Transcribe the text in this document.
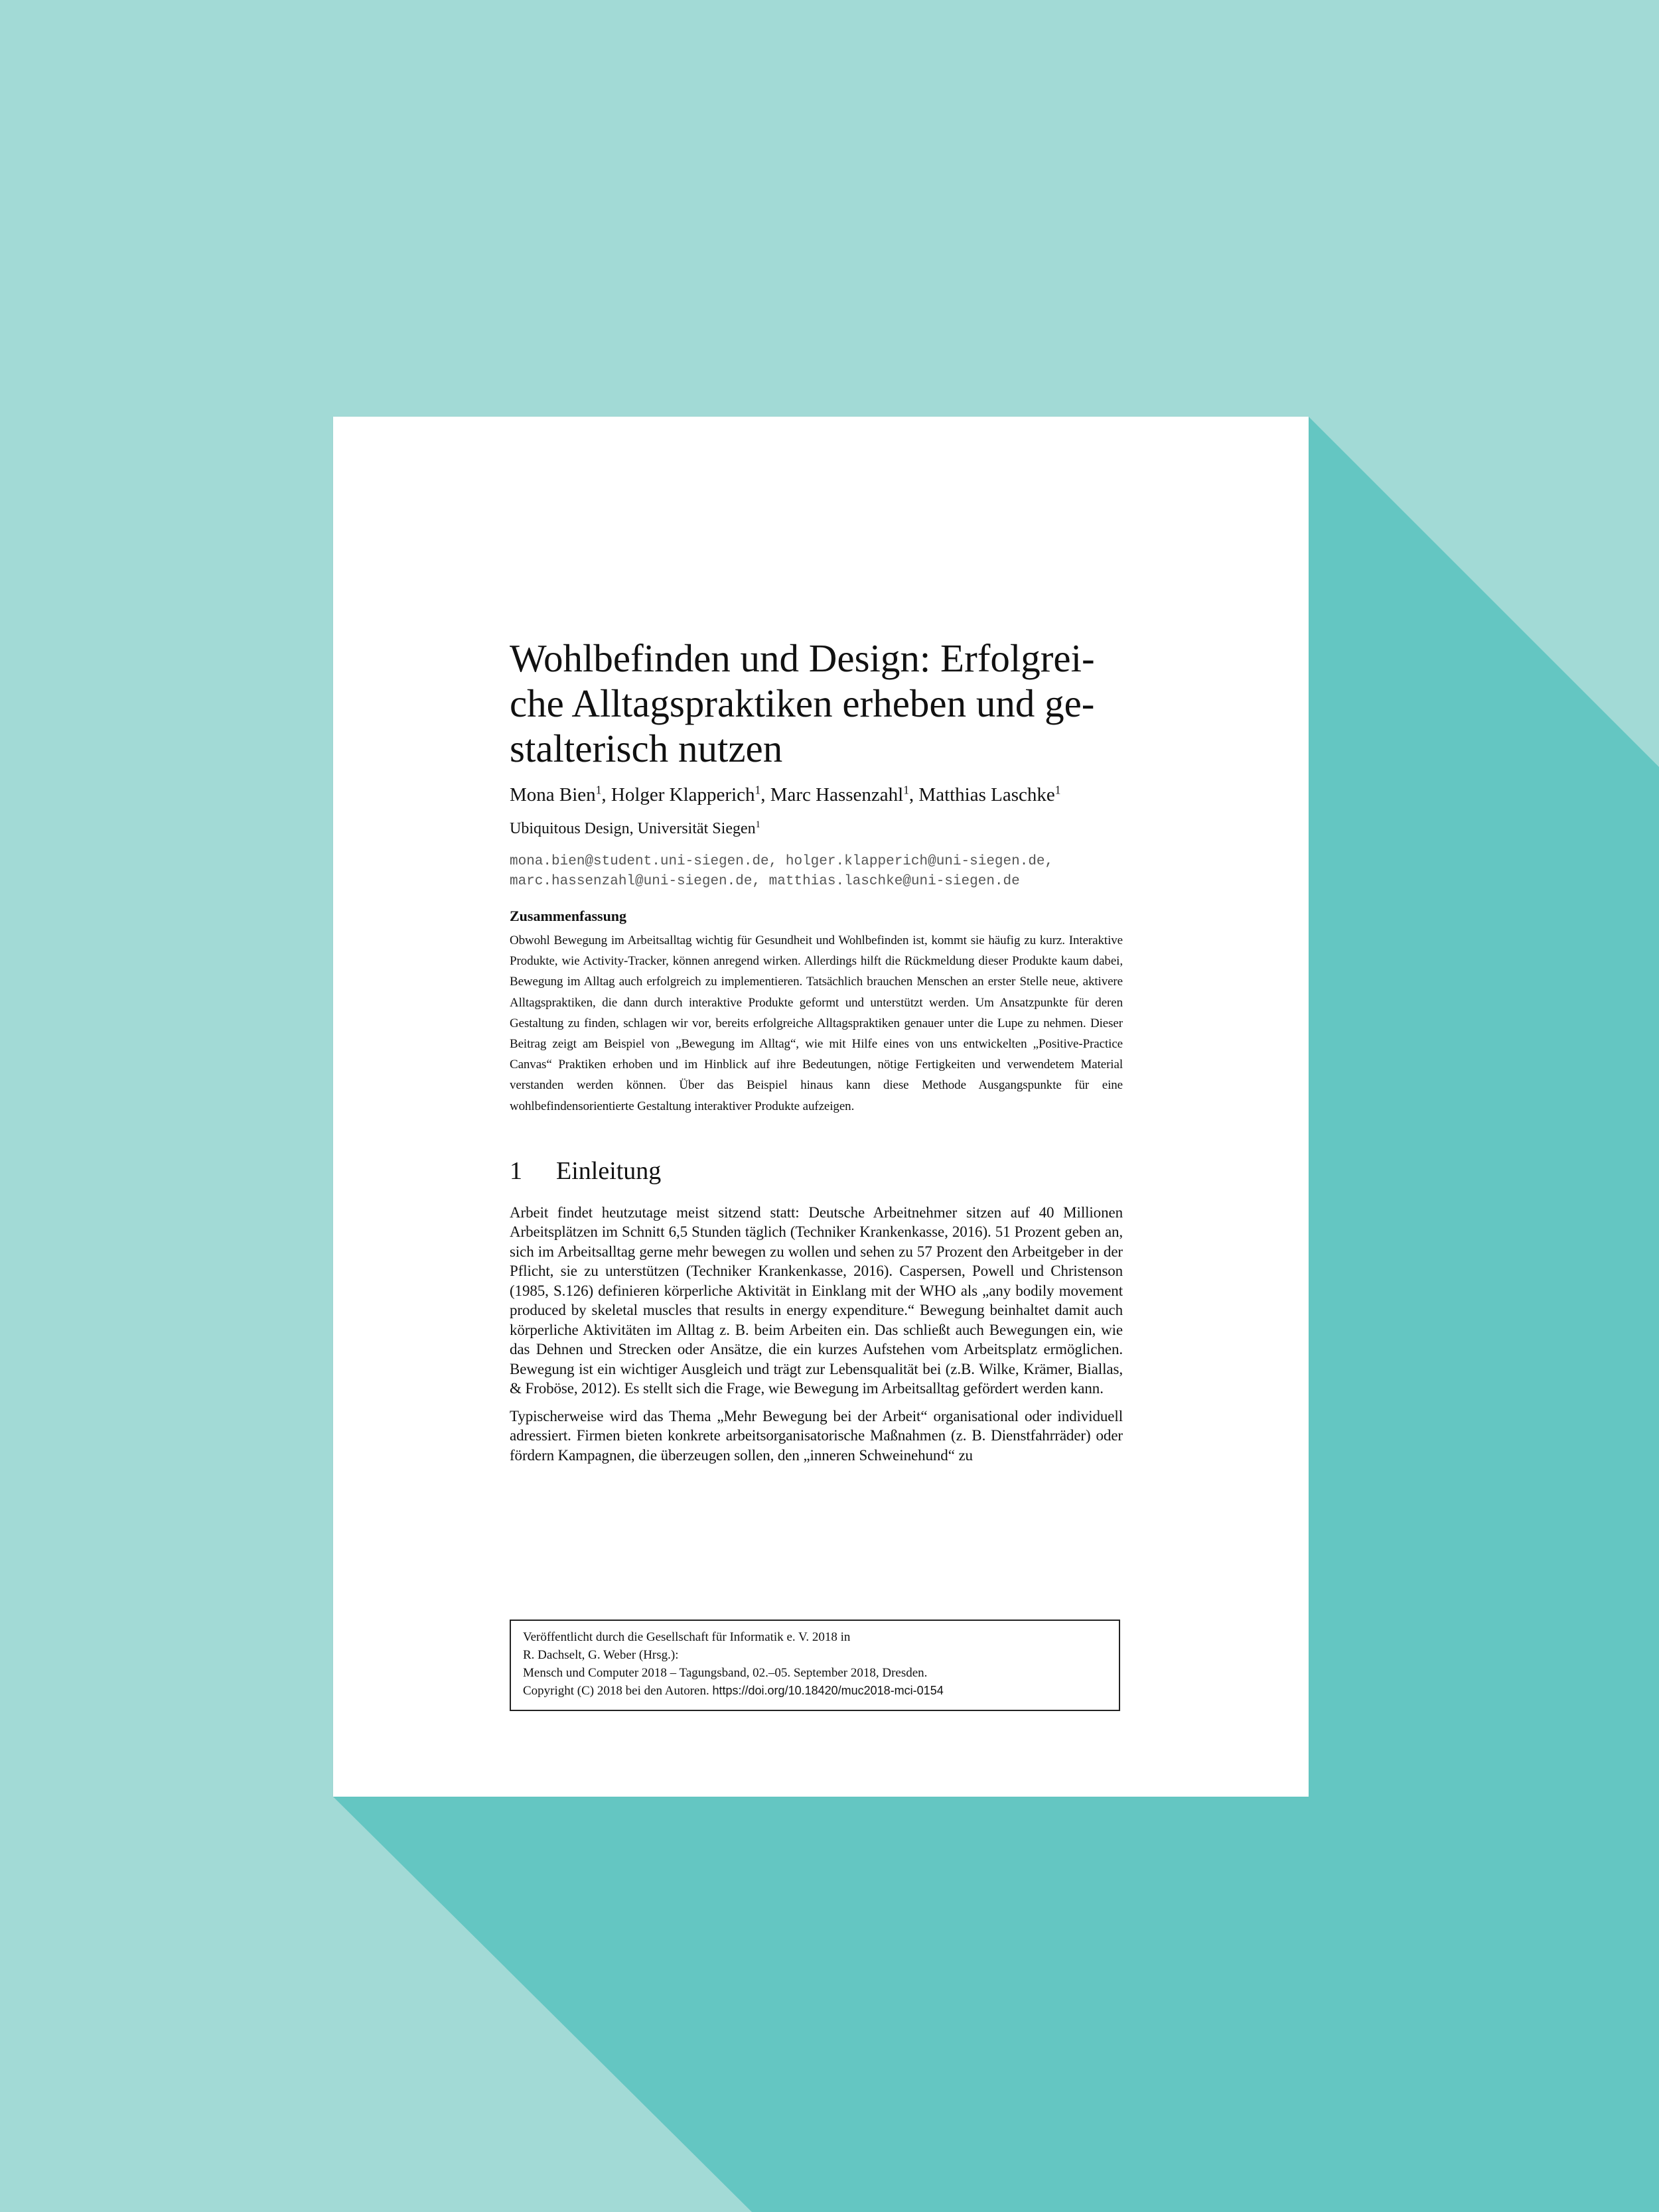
Wohlbefinden und Design: Erfolgrei-
che Alltagspraktiken erheben und ge-
stalterisch nutzen
Mona Bien$^1$, Holger Klapperich$^1$, Marc Hassenzahl$^1$, Matthias Laschke$^1$
Ubiquitous Design, Universität Siegen$^1$
mona.bien@student.uni-siegen.de, holger.klapperich@uni-siegen.de,
marc.hassenzahl@uni-siegen.de, matthias.laschke@uni-siegen.de
Zusammenfassung

Obwohl Bewegung im Arbeitsalltag wichtig für Gesundheit und Wohlbefinden ist, kommt sie häufig zu kurz. Interaktive Produkte, wie Activity-Tracker, können anregend wirken. Allerdings hilft die Rückmeldung dieser Produkte kaum dabei, Bewegung im Alltag auch erfolgreich zu implementieren. Tatsächlich brauchen Menschen an erster Stelle neue, aktivere Alltagspraktiken, die dann durch interaktive Produkte geformt und unterstützt werden. Um Ansatzpunkte für deren Gestaltung zu finden, schlagen wir vor, bereits erfolgreiche Alltagspraktiken genauer unter die Lupe zu nehmen. Dieser Beitrag zeigt am Beispiel von „Bewegung im Alltag“, wie mit Hilfe eines von uns entwickelten „Positive-Practice Canvas“ Praktiken erhoben und im Hinblick auf ihre Bedeutungen, nötige Fertigkeiten und verwendetem Material verstanden werden können. Über das Beispiel hinaus kann diese Methode Ausgangspunkte für eine wohlbefindensorientierte Gestaltung interaktiver Produkte aufzeigen.

1 Einleitung

Arbeit findet heutzutage meist sitzend statt: Deutsche Arbeitnehmer sitzen auf 40 Millionen Arbeitsplätzen im Schnitt 6,5 Stunden täglich (Techniker Krankenkasse, 2016). 51 Prozent geben an, sich im Arbeitsalltag gerne mehr bewegen zu wollen und sehen zu 57 Prozent den Arbeitgeber in der Pflicht, sie zu unterstützen (Techniker Krankenkasse, 2016). Caspersen, Powell und Christenson (1985, S.126) definieren körperliche Aktivität in Einklang mit der WHO als „any bodily movement produced by skeletal muscles that results in energy expenditure.“ Bewegung beinhaltet damit auch körperliche Aktivitäten im Alltag z. B. beim Arbeiten ein. Das schließt auch Bewegungen ein, wie das Dehnen und Strecken oder Ansätze, die ein kurzes Aufstehen vom Arbeitsplatz ermöglichen. Bewegung ist ein wichtiger Ausgleich und trägt zur Lebensqualität bei (z.B. Wilke, Krämer, Biallas, & Froböse, 2012). Es stellt sich die Frage, wie Bewegung im Arbeitsalltag gefördert werden kann.

Typischerweise wird das Thema „Mehr Bewegung bei der Arbeit“ organisational oder individuell adressiert. Firmen bieten konkrete arbeitsorganisatorische Maßnahmen (z. B. Dienstfahrräder) oder fördern Kampagnen, die überzeugen sollen, den „inneren Schweinehund“ zu

Veröffentlicht durch die Gesellschaft für Informatik e. V. 2018 in
R. Dachselt, G. Weber (Hrsg.):
Mensch und Computer 2018 – Tagungsband, 02.–05. September 2018, Dresden.
Copyright (C) 2018 bei den Autoren. https://doi.org/10.18420/muc2018-mci-0154
